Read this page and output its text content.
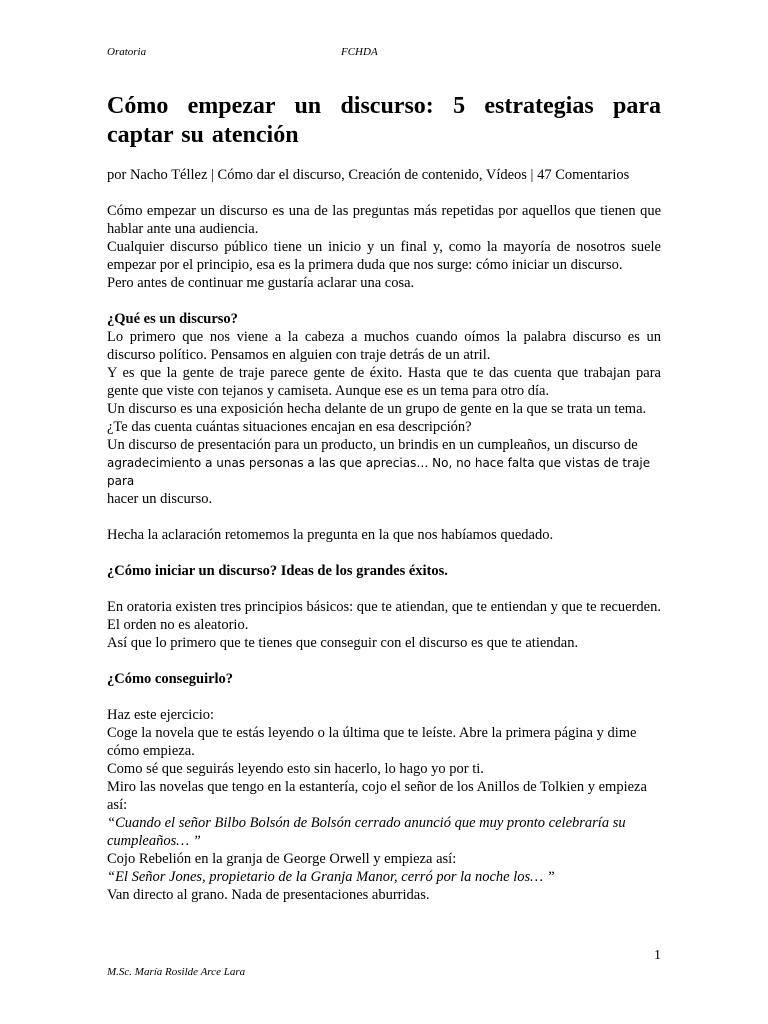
Oratoria	FCHDA
Cómo empezar un discurso: 5 estrategias para captar su atención

por Nacho Téllez | Cómo dar el discurso, Creación de contenido, Vídeos | 47 Comentarios

Cómo empezar un discurso es una de las preguntas más repetidas por aquellos que tienen que hablar ante una audiencia.

Cualquier discurso público tiene un inicio y un final y, como la mayoría de nosotros suele empezar por el principio, esa es la primera duda que nos surge: cómo iniciar un discurso.

Pero antes de continuar me gustaría aclarar una cosa.

¿Qué es un discurso?

Lo primero que nos viene a la cabeza a muchos cuando oímos la palabra discurso es un discurso político. Pensamos en alguien con traje detrás de un atril.

Y es que la gente de traje parece gente de éxito. Hasta que te das cuenta que trabajan para gente que viste con tejanos y camiseta. Aunque ese es un tema para otro día.

Un discurso es una exposición hecha delante de un grupo de gente en la que se trata un tema.

¿Te das cuenta cuántas situaciones encajan en esa descripción?

Un discurso de presentación para un producto, un brindis en un cumpleaños, un discurso de
agradecimiento a unas personas a las que aprecias… No, no hace falta que vistas de traje para
hacer un discurso.

Hecha la aclaración retomemos la pregunta en la que nos habíamos quedado.

¿Cómo iniciar un discurso? Ideas de los grandes éxitos.

En oratoria existen tres principios básicos: que te atiendan, que te entiendan y que te recuerden. El orden no es aleatorio.

Así que lo primero que te tienes que conseguir con el discurso es que te atiendan.

¿Cómo conseguirlo?

Haz este ejercicio:

Coge la novela que te estás leyendo o la última que te leíste. Abre la primera página y dime cómo empieza.

Como sé que seguirás leyendo esto sin hacerlo, lo hago yo por ti.

Miro las novelas que tengo en la estantería, cojo el señor de los Anillos de Tolkien y empieza así:

“Cuando el señor Bilbo Bolsón de Bolsón cerrado anunció que muy pronto celebraría su cumpleaños… ”

Cojo Rebelión en la granja de George Orwell y empieza así:

“El Señor Jones, propietario de la Granja Manor, cerró por la noche los… ”

Van directo al grano. Nada de presentaciones aburridas.

1
M.Sc. María Rosilde Arce Lara
